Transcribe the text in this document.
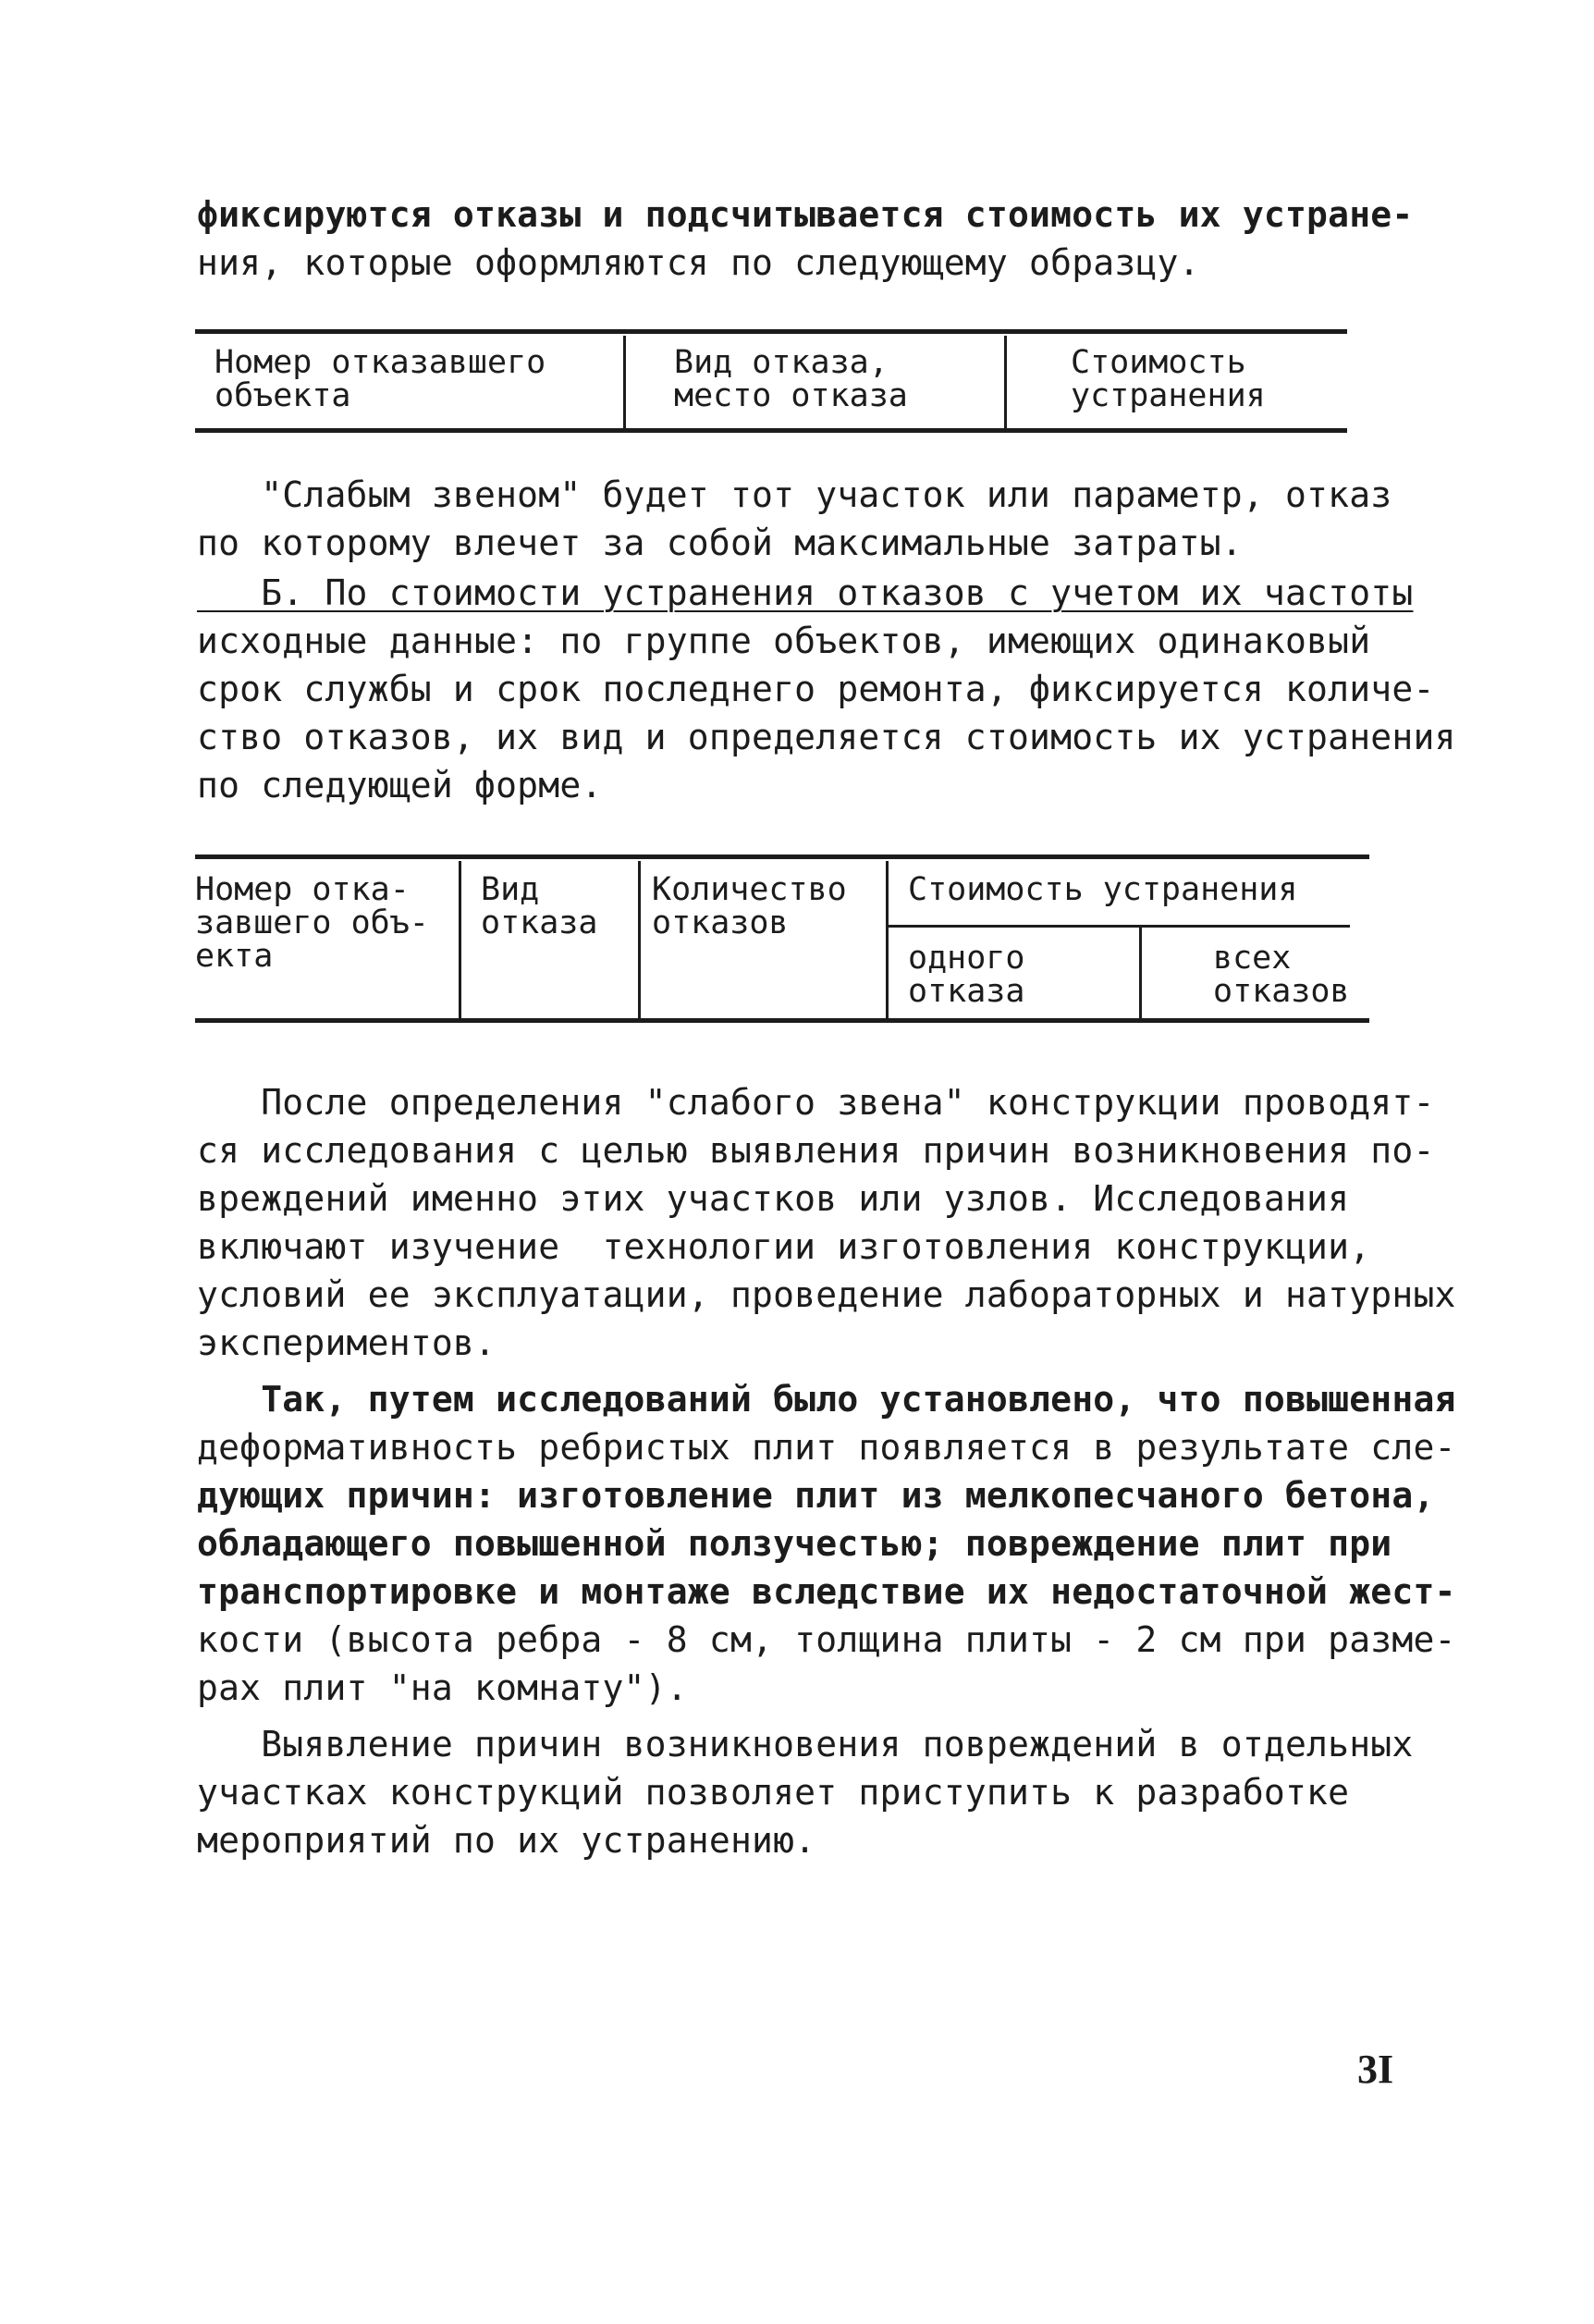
фиксируются отказы и подсчитывается стоимость их устране-
ния, которые оформляются по следующему образцу.
Номер отказавшего
объекта
Вид отказа,
место отказа
Стоимость
устранения
"Слабым звеном" будет тот участок или параметр, отказ
по которому влечет за собой максимальные затраты.
Б. По стоимости устранения отказов с учетом их частоты
исходные данные: по группе объектов, имеющих одинаковый
срок службы и срок последнего ремонта, фиксируется количе-
ство отказов, их вид и определяется стоимость их устранения
по следующей форме.
Номер отка-
завшего объ-
екта
Вид
отказа
Количество
отказов
Стоимость устранения
одного
отказа
всех
отказов
После определения "слабого звена" конструкции проводят-
ся исследования с целью выявления причин возникновения по-
вреждений именно этих участков или узлов. Исследования
включают изучение  технологии изготовления конструкции,
условий ее эксплуатации, проведение лабораторных и натурных
экспериментов.
Так, путем исследований было установлено, что повышенная
деформативность ребристых плит появляется в результате сле-
дующих причин: изготовление плит из мелкопесчаного бетона,
обладающего повышенной ползучестью; повреждение плит при
транспортировке и монтаже вследствие их недостаточной жест-
кости (высота ребра - 8 см, толщина плиты - 2 см при разме-
рах плит "на комнату").
Выявление причин возникновения повреждений в отдельных
участках конструкций позволяет приступить к разработке
мероприятий по их устранению.
3I
